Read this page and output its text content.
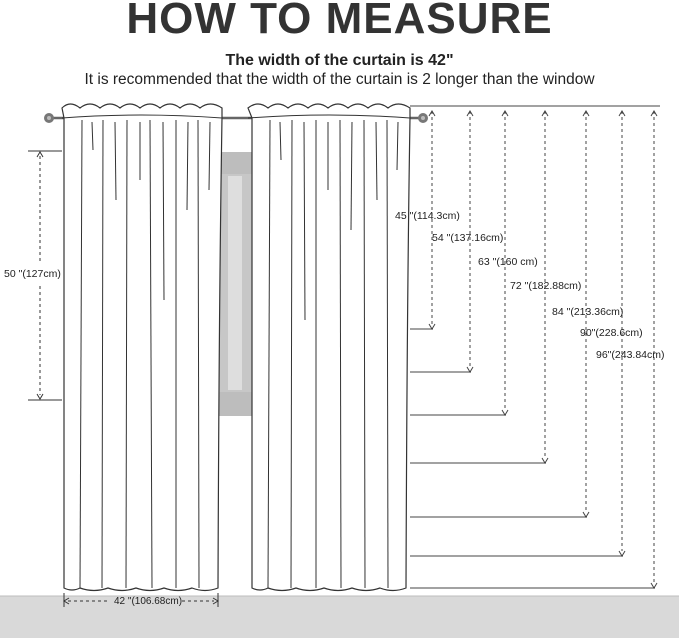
HOW TO MEASURE
The width of the curtain is 42"
It is recommended that the width of the curtain is 2 longer than the window
50 "(127cm)
42 "(106.68cm)
45 "(114.3cm)
54 "(137.16cm)
63 "(160 cm)
72 "(182.88cm)
84 "(213.36cm)
90"(228.6cm)
96"(243.84cm)
